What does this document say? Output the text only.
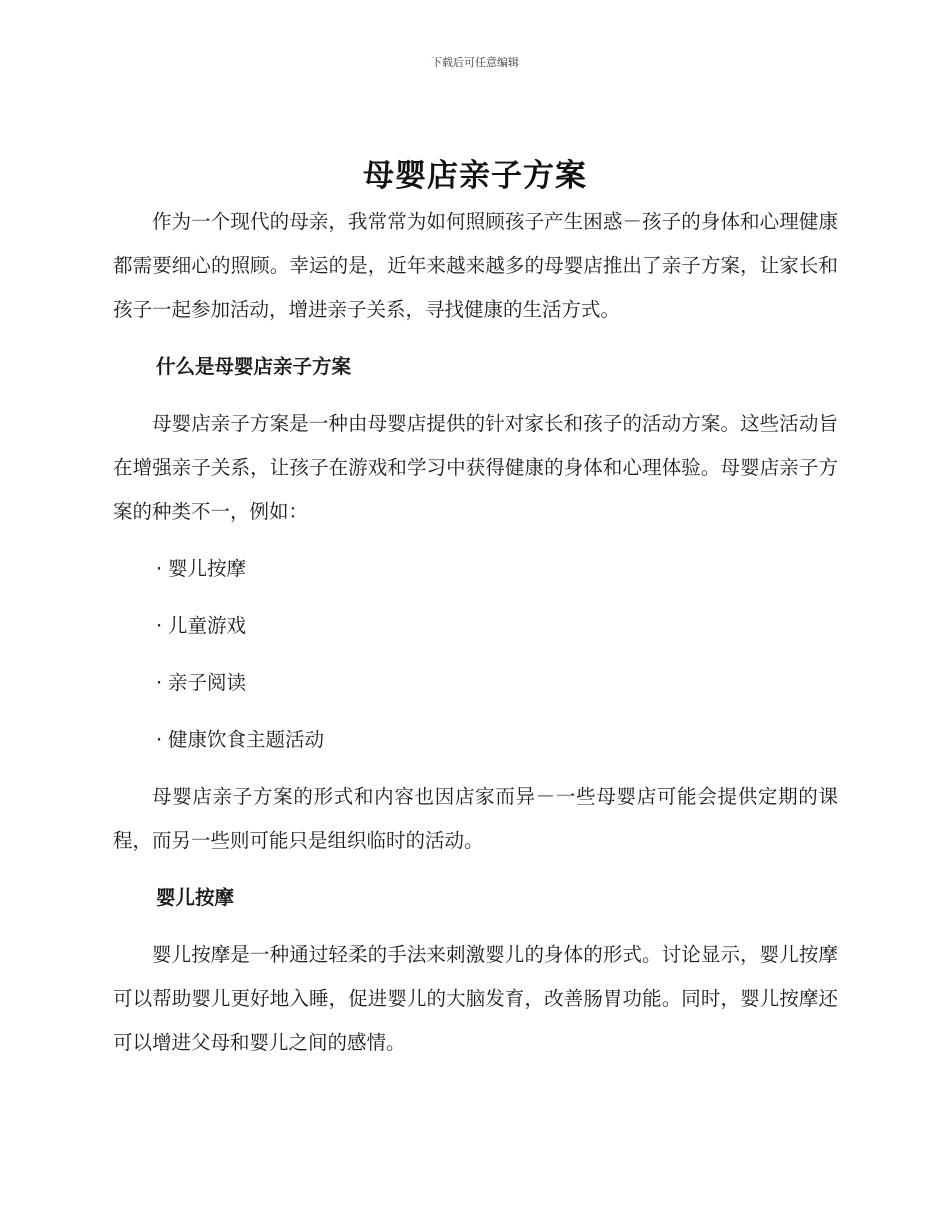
下载后可任意编辑
母婴店亲子方案

作为一个现代的母亲，我常常为如何照顾孩子产生困惑－孩子的身体和心理健康都需要细心的照顾。幸运的是，近年来越来越多的母婴店推出了亲子方案，让家长和孩子一起参加活动，增进亲子关系，寻找健康的生活方式。

什么是母婴店亲子方案

母婴店亲子方案是一种由母婴店提供的针对家长和孩子的活动方案。这些活动旨在增强亲子关系，让孩子在游戏和学习中获得健康的身体和心理体验。母婴店亲子方案的种类不一，例如：

· 婴儿按摩
· 儿童游戏
· 亲子阅读
· 健康饮食主题活动

母婴店亲子方案的形式和内容也因店家而异－一些母婴店可能会提供定期的课程，而另一些则可能只是组织临时的活动。

婴儿按摩

婴儿按摩是一种通过轻柔的手法来刺激婴儿的身体的形式。讨论显示，婴儿按摩可以帮助婴儿更好地入睡，促进婴儿的大脑发育，改善肠胃功能。同时，婴儿按摩还可以增进父母和婴儿之间的感情。
